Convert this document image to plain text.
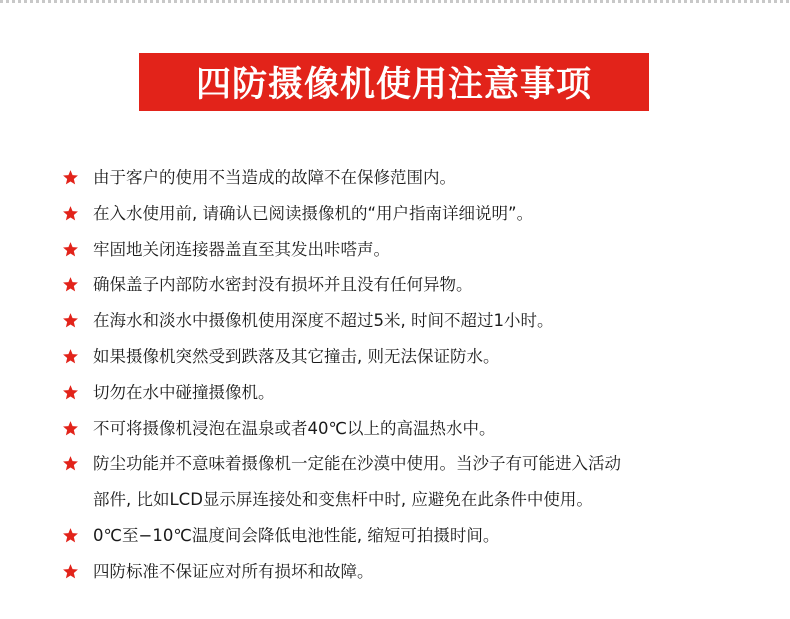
四防摄像机使用注意事项
由于客户的使用不当造成的故障不在保修范围内。
在入水使用前, 请确认已阅读摄像机的“用户指南详细说明”。
牢固地关闭连接器盖直至其发出咔嗒声。
确保盖子内部防水密封没有损坏并且没有任何异物。
在海水和淡水中摄像机使用深度不超过5米, 时间不超过1小时。
如果摄像机突然受到跌落及其它撞击, 则无法保证防水。
切勿在水中碰撞摄像机。
不可将摄像机浸泡在温泉或者40℃以上的高温热水中。
防尘功能并不意味着摄像机一定能在沙漠中使用。当沙子有可能进入活动
部件, 比如LCD显示屏连接处和变焦杆中时, 应避免在此条件中使用。
0℃至−10℃温度间会降低电池性能, 缩短可拍摄时间。
四防标准不保证应对所有损坏和故障。
